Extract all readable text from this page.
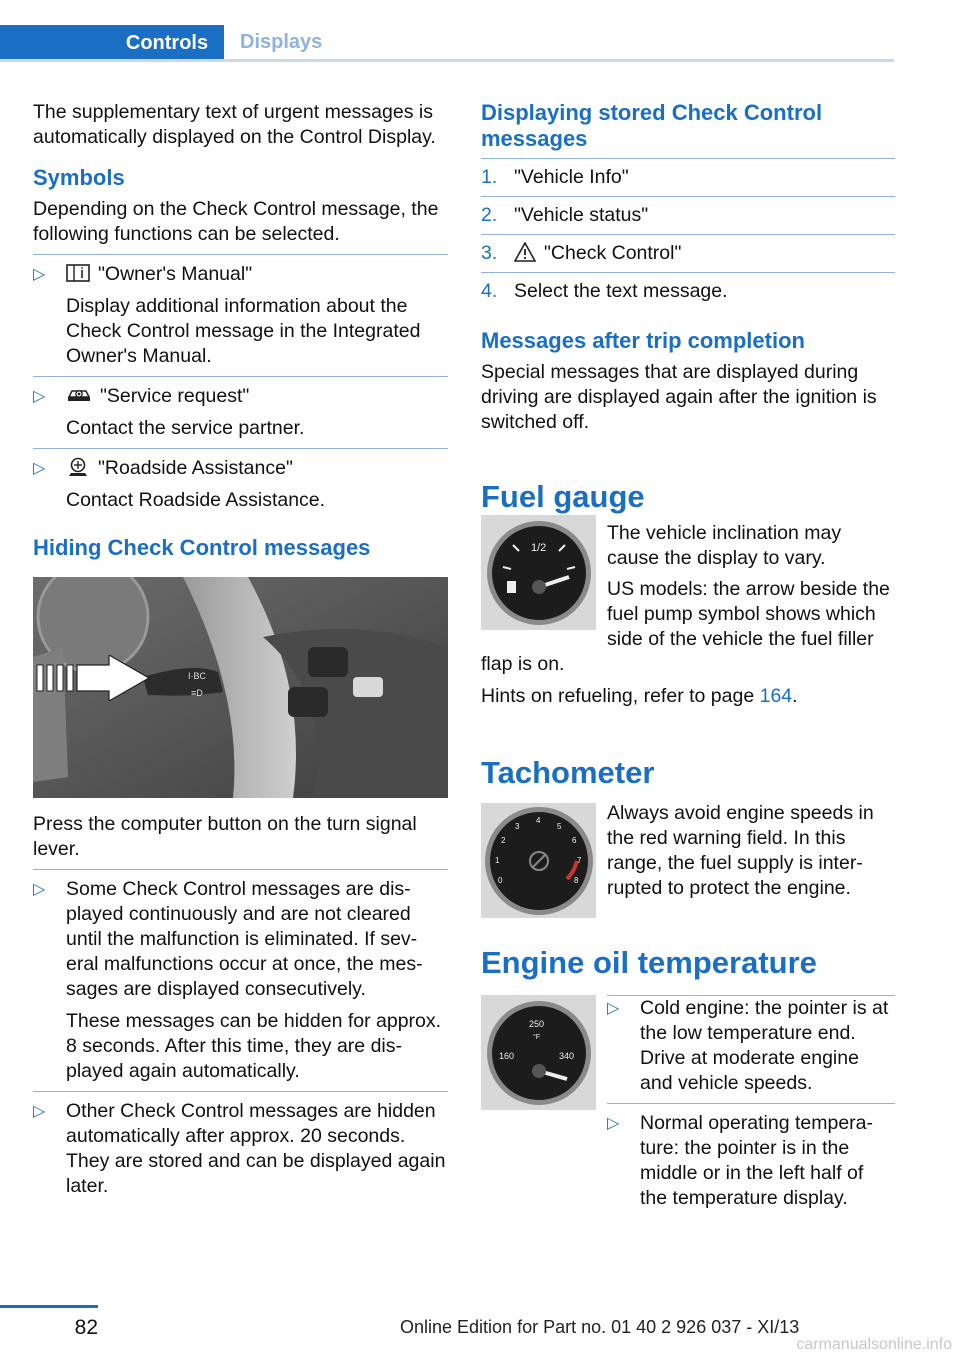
Controls Displays

The supplementary text of urgent messages is automatically displayed on the Control Display.

Symbols

Depending on the Check Control message, the following functions can be selected.

▷	"Owner's Manual"

Display additional information about the Check Control message in the Integrated Owner's Manual.

▷	"Service request"

Contact the service partner.

▷	"Roadside Assistance"

Contact Roadside Assistance.

Hiding Check Control messages
I·BC
≡D

Press the computer button on the turn signal lever.

▷ Some Check Control messages are dis- played continuously and are not cleared until the malfunction is eliminated. If sev- eral malfunctions occur at once, the mes- sages are displayed consecutively.

These messages can be hidden for approx. 8 seconds. After this time, they are dis- played again automatically.

▷ Other Check Control messages are hidden automatically after approx. 20 seconds. They are stored and can be displayed again later.

Displaying stored Check Control messages
1. "Vehicle Info"

2. "Vehicle status"

3.	"Check Control"

4. Select the text message.

Messages after trip completion

Special messages that are displayed during driving are displayed again after the ignition is switched off.

Fuel gauge
1/2

The vehicle inclination may cause the display to vary.

US models: the arrow beside the fuel pump symbol shows which side of the vehicle the fuel filler

flap is on.

Hints on refueling, refer to page 164.

Tachometer
0
1
2
3
4
5
6
7
8

Always avoid engine speeds in the red warning field. In this range, the fuel supply is inter- rupted to protect the engine.

Engine oil temperature
250
°F
160	340
▷ Cold engine: the pointer is at the low temperature end. Drive at moderate engine and vehicle speeds.

▷ Normal operating tempera- ture: the pointer is in the middle or in the left half of the temperature display.

82	Online Edition for Part no. 01 40 2 926 037 - XI/13
carmanualsonline.info
